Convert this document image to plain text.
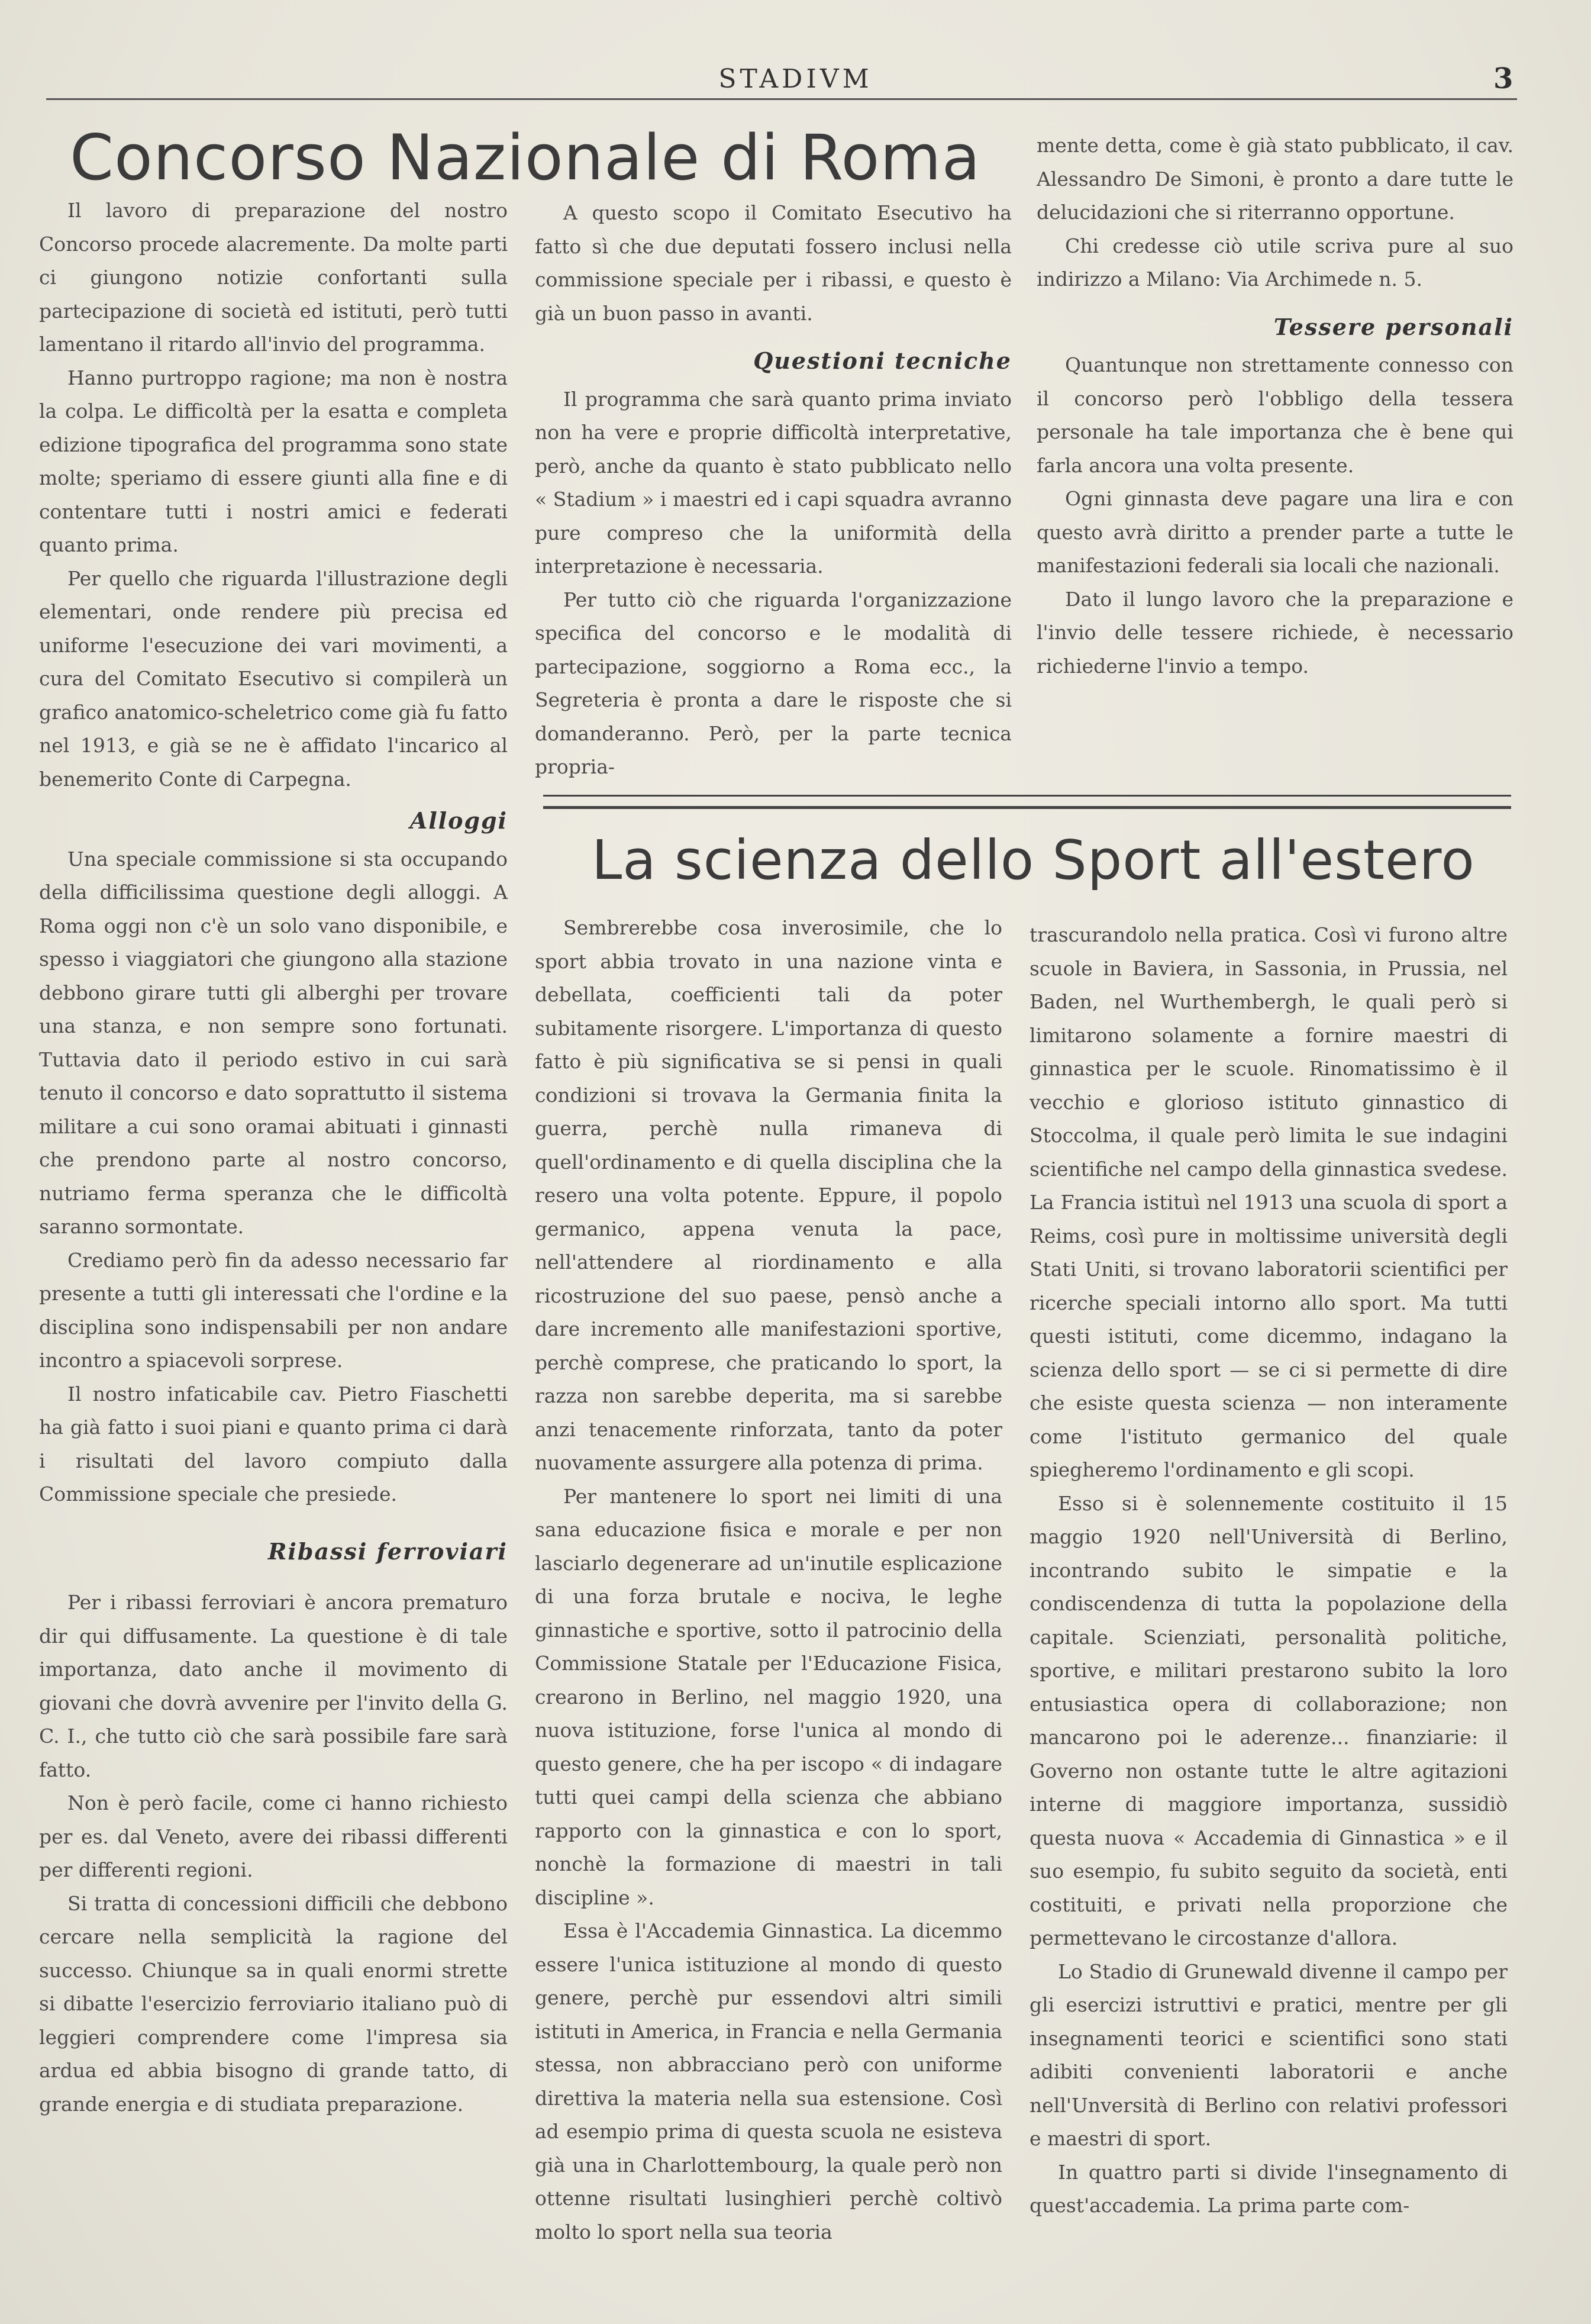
STADIVM	3
Concorso Nazionale di Roma

Il lavoro di preparazione del nostro Concorso procede alacremente. Da molte parti ci giungono notizie confortanti sulla partecipazione di società ed istituti, però tutti lamentano il ritardo all'invio del programma.

Hanno purtroppo ragione; ma non è nostra la colpa. Le difficoltà per la esatta e completa edizione tipografica del programma sono state molte; speriamo di essere giunti alla fine e di contentare tutti i nostri amici e federati quanto prima.

Per quello che riguarda l'illustrazione degli elementari, onde rendere più precisa ed uniforme l'esecuzione dei vari movimenti, a cura del Comitato Esecutivo si compilerà un grafico anatomico-scheletrico come già fu fatto nel 1913, e già se ne è affidato l'incarico al benemerito Conte di Carpegna.

Alloggi

Una speciale commissione si sta occupando della difficilissima questione degli alloggi. A Roma oggi non c'è un solo vano disponibile, e spesso i viaggiatori che giungono alla stazione debbono girare tutti gli alberghi per trovare una stanza, e non sempre sono fortunati. Tuttavia dato il periodo estivo in cui sarà tenuto il concorso e dato soprattutto il sistema militare a cui sono oramai abituati i ginnasti che prendono parte al nostro concorso, nutriamo ferma speranza che le difficoltà saranno sormontate.

Crediamo però fin da adesso necessario far presente a tutti gli interessati che l'ordine e la disciplina sono indispensabili per non andare incontro a spiacevoli sorprese.

Il nostro infaticabile cav. Pietro Fiaschetti ha già fatto i suoi piani e quanto prima ci darà i risultati del lavoro compiuto dalla Commissione speciale che presiede.

Ribassi ferroviari

Per i ribassi ferroviari è ancora prematuro dir qui diffusamente. La questione è di tale importanza, dato anche il movimento di giovani che dovrà avvenire per l'invito della G. C. I., che tutto ciò che sarà possibile fare sarà fatto.

Non è però facile, come ci hanno richiesto per es. dal Veneto, avere dei ribassi differenti per differenti regioni.

Si tratta di concessioni difficili che debbono cercare nella semplicità la ragione del successo. Chiunque sa in quali enormi strette si dibatte l'esercizio ferroviario italiano può di leggieri comprendere come l'impresa sia ardua ed abbia bisogno di grande tatto, di grande energia e di studiata preparazione.

A questo scopo il Comitato Esecutivo ha fatto sì che due deputati fossero inclusi nella commissione speciale per i ribassi, e questo è già un buon passo in avanti.

Questioni tecniche

Il programma che sarà quanto prima inviato non ha vere e proprie difficoltà interpretative, però, anche da quanto è stato pubblicato nello « Stadium » i maestri ed i capi squadra avranno pure compreso che la uniformità della interpretazione è necessaria.

Per tutto ciò che riguarda l'organizzazione specifica del concorso e le modalità di partecipazione, soggiorno a Roma ecc., la Segreteria è pronta a dare le risposte che si domanderanno. Però, per la parte tecnica propria-

mente detta, come è già stato pubblicato, il cav. Alessandro De Simoni, è pronto a dare tutte le delucidazioni che si riterranno opportune.

Chi credesse ciò utile scriva pure al suo indirizzo a Milano: Via Archimede n. 5.

Tessere personali

Quantunque non strettamente connesso con il concorso però l'obbligo della tessera personale ha tale importanza che è bene qui farla ancora una volta presente.

Ogni ginnasta deve pagare una lira e con questo avrà diritto a prender parte a tutte le manifestazioni federali sia locali che nazionali.

Dato il lungo lavoro che la preparazione e l'invio delle tessere richiede, è necessario richiederne l'invio a tempo.

La scienza dello Sport all'estero

Sembrerebbe cosa inverosimile, che lo sport abbia trovato in una nazione vinta e debellata, coefficienti tali da poter subitamente risorgere. L'importanza di questo fatto è più significativa se si pensi in quali condizioni si trovava la Germania finita la guerra, perchè nulla rimaneva di quell'ordinamento e di quella disciplina che la resero una volta potente. Eppure, il popolo germanico, appena venuta la pace, nell'attendere al riordinamento e alla ricostruzione del suo paese, pensò anche a dare incremento alle manifestazioni sportive, perchè comprese, che praticando lo sport, la razza non sarebbe deperita, ma si sarebbe anzi tenacemente rinforzata, tanto da poter nuovamente assurgere alla potenza di prima.

Per mantenere lo sport nei limiti di una sana educazione fisica e morale e per non lasciarlo degenerare ad un'inutile esplicazione di una forza brutale e nociva, le leghe ginnastiche e sportive, sotto il patrocinio della Commissione Statale per l'Educazione Fisica, crearono in Berlino, nel maggio 1920, una nuova istituzione, forse l'unica al mondo di questo genere, che ha per iscopo « di indagare tutti quei campi della scienza che abbiano rapporto con la ginnastica e con lo sport, nonchè la formazione di maestri in tali discipline ».

Essa è l'Accademia Ginnastica. La dicemmo essere l'unica istituzione al mondo di questo genere, perchè pur essendovi altri simili istituti in America, in Francia e nella Germania stessa, non abbracciano però con uniforme direttiva la materia nella sua estensione. Così ad esempio prima di questa scuola ne esisteva già una in Charlottembourg, la quale però non ottenne risultati lusinghieri perchè coltivò molto lo sport nella sua teoria

trascurandolo nella pratica. Così vi furono altre scuole in Baviera, in Sassonia, in Prussia, nel Baden, nel Wurthembergh, le quali però si limitarono solamente a fornire maestri di ginnastica per le scuole. Rinomatissimo è il vecchio e glorioso istituto ginnastico di Stoccolma, il quale però limita le sue indagini scientifiche nel campo della ginnastica svedese. La Francia istituì nel 1913 una scuola di sport a Reims, così pure in moltissime università degli Stati Uniti, si trovano laboratorii scientifici per ricerche speciali intorno allo sport. Ma tutti questi istituti, come dicemmo, indagano la scienza dello sport — se ci si permette di dire che esiste questa scienza — non interamente come l'istituto germanico del quale spiegheremo l'ordinamento e gli scopi.

Esso si è solennemente costituito il 15 maggio 1920 nell'Università di Berlino, incontrando subito le simpatie e la condiscendenza di tutta la popolazione della capitale. Scienziati, personalità politiche, sportive, e militari prestarono subito la loro entusiastica opera di collaborazione; non mancarono poi le aderenze... finanziarie: il Governo non ostante tutte le altre agitazioni interne di maggiore importanza, sussidiò questa nuova « Accademia di Ginnastica » e il suo esempio, fu subito seguito da società, enti costituiti, e privati nella proporzione che permettevano le circostanze d'allora.

Lo Stadio di Grunewald divenne il campo per gli esercizi istruttivi e pratici, mentre per gli insegnamenti teorici e scientifici sono stati adibiti convenienti laboratorii e anche nell'Unversità di Berlino con relativi professori e maestri di sport.

In quattro parti si divide l'insegnamento di quest'accademia. La prima parte com-
